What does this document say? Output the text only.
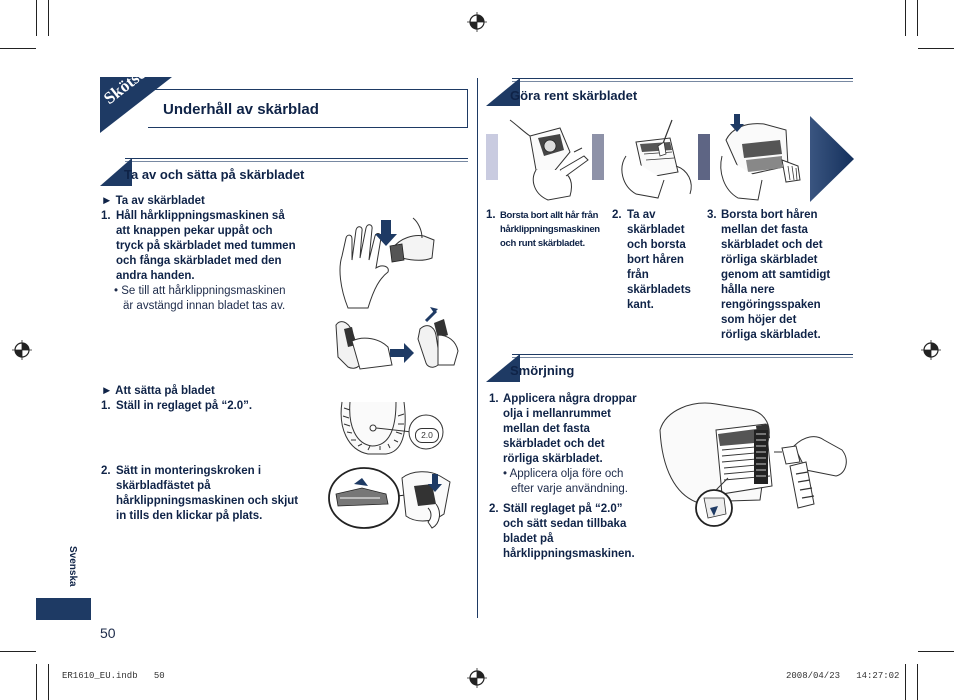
Skötsel
Underhåll av skärblad
Ta av och sätta på skärbladet
► Ta av skärbladet
1. Håll hårklippningsmaskinen så
att knappen pekar uppåt och
tryck på skärbladet med tummen
och fånga skärbladet med den
andra handen.
• Se till att hårklippningsmaskinen
är avstängd innan bladet tas av.
► Att sätta på bladet
1. Ställ in reglaget på “2.0”.
2.0
2. Sätt in monteringskroken i
skärbladfästet på
hårklippningsmaskinen och skjut
in tills den klickar på plats.
Göra rent skärbladet
1. Borsta bort allt hår från
hårklippningsmaskinen
och runt skärbladet.
2. Ta av
skärbladet
och borsta
bort håren
från
skärbladets
kant.
3. Borsta bort håren
mellan det fasta
skärbladet och det
rörliga skärbladet
genom att samtidigt
hålla nere
rengöringsspaken
som höjer det
rörliga skärbladet.
Smörjning
1. Applicera några droppar
olja i mellanrummet
mellan det fasta
skärbladet och det
rörliga skärbladet.
• Applicera olja före och
efter varje användning.
2. Ställ reglaget på “2.0”
och sätt sedan tillbaka
bladet på
hårklippningsmaskinen.
Svenska
50
ER1610_EU.indb   50	2008/04/23   14:27:02
